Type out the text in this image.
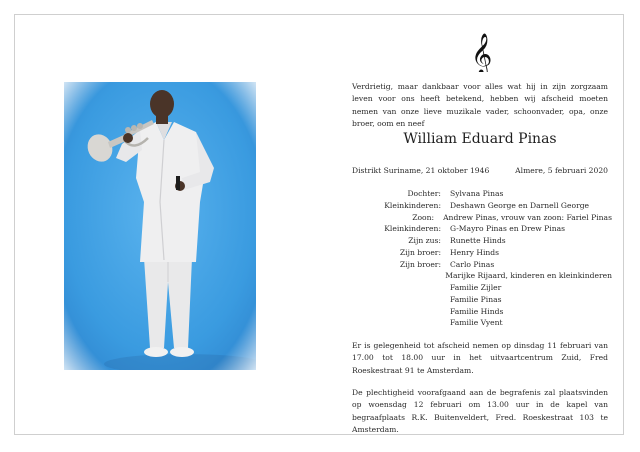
𝄞

Verdrietig, maar dankbaar voor alles wat hij in zijn zorgzaam leven voor ons heeft betekend, hebben wij afscheid moeten nemen van onze lieve muzikale vader, schoonvader, opa, onze broer, oom en neef

William Eduard Pinas
Distrikt Suriname, 21 oktober 1946	Almere, 5 februari 2020
Dochter:	Sylvana Pinas
Kleinkinderen:	Deshawn George en Darnell George
Zoon:	Andrew Pinas, vrouw van zoon: Fariel Pinas
Kleinkinderen:	G-Mayro Pinas en Drew Pinas
Zijn zus:	Runette Hinds
Zijn broer:	Henry Hinds
Zijn broer:	Carlo Pinas
Marijke Rijaard, kinderen en kleinkinderen
Familie Zijler
Familie Pinas
Familie Hinds
Familie Vyent

Er is gelegenheid tot afscheid nemen op dinsdag 11 februari van 17.00 tot 18.00 uur in het uitvaartcentrum Zuid, Fred Roeskestraat 91 te Amsterdam.

De plechtigheid voorafgaand aan de begrafenis zal plaatsvinden op woensdag 12 februari om 13.00 uur in de kapel van begraafplaats R.K. Buitenveldert, Fred. Roeskestraat 103 te Amsterdam.
